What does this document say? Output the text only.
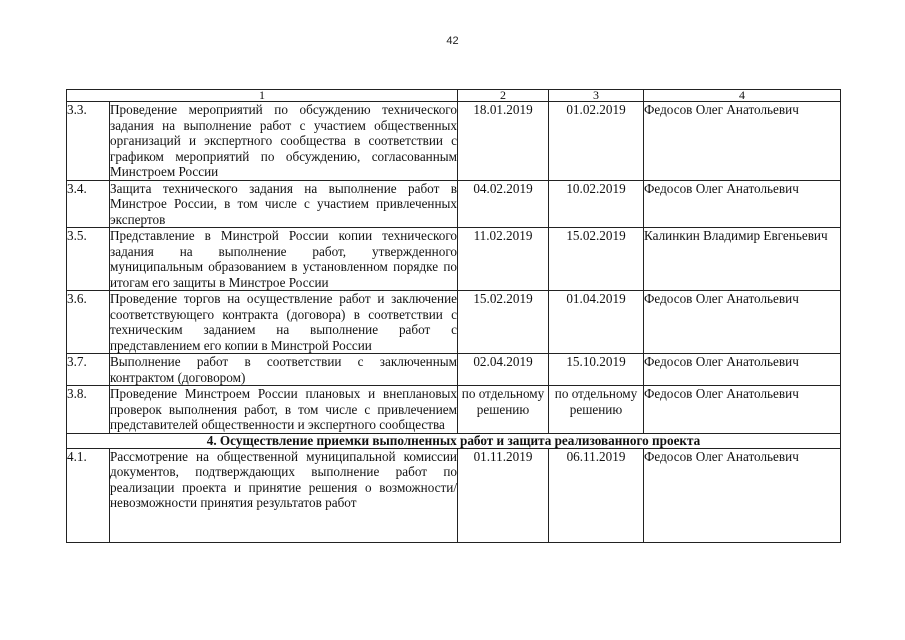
42
1		2	3	4
3.3.	Проведение мероприятий по обсуждению технического задания на выполнение работ с участием общественных организаций и экспертного сообщества в соответствии с графиком мероприятий по обсуждению, согласованным Минстроем России	18.01.2019	01.02.2019	Федосов Олег Анатольевич
3.4.	Защита технического задания на выполнение работ в Минстрое России, в том числе с участием привлеченных экспертов	04.02.2019	10.02.2019	Федосов Олег Анатольевич
3.5.	Представление в Минстрой России копии технического задания на выполнение работ, утвержденного муниципальным образованием в установленном порядке по итогам его защиты в Минстрое России	11.02.2019	15.02.2019	Калинкин Владимир Евгеньевич
3.6.	Проведение торгов на осуществление работ и заключение соответствующего контракта (договора) в соответствии с техническим заданием на выполнение работ с представлением его копии в Минстрой России	15.02.2019	01.04.2019	Федосов Олег Анатольевич
3.7.	Выполнение работ в соответствии с заключенным контрактом (договором)	02.04.2019	15.10.2019	Федосов Олег Анатольевич
3.8.	Проведение Минстроем России плановых и внеплановых проверок выполнения работ, в том числе с привлечением представителей общественности и экспертного сообщества	по отдельному решению	по отдельному решению	Федосов Олег Анатольевич
4. Осуществление приемки выполненных работ и защита реализованного проекта				
4.1.	Рассмотрение на общественной муниципальной комиссии документов, подтверждающих выполнение работ по реализации проекта и принятие решения о возможности/невозможности принятия результатов работ	01.11.2019	06.11.2019	Федосов Олег Анатольевич
